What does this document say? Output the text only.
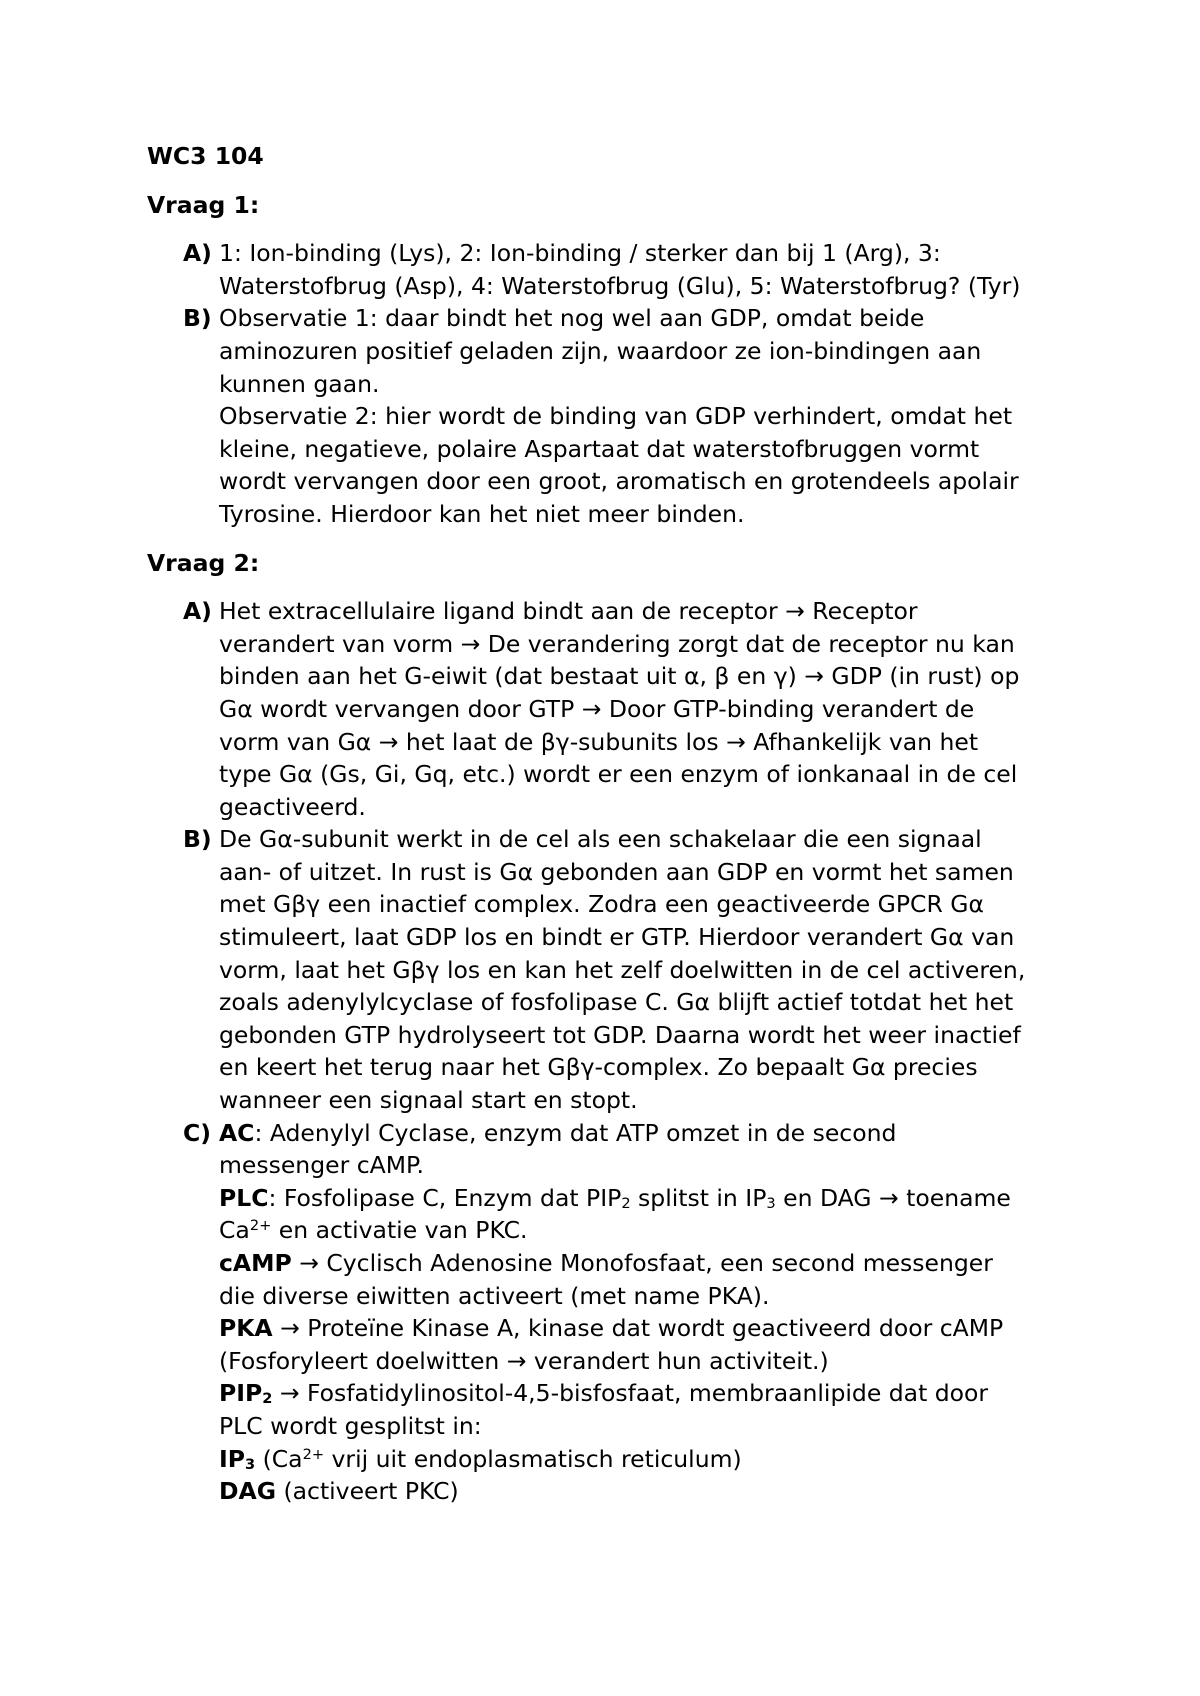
WC3 104
Vraag 1:
A) 1: Ion-binding (Lys), 2: Ion-binding / sterker dan bij 1 (Arg), 3:
Waterstofbrug (Asp), 4: Waterstofbrug (Glu), 5: Waterstofbrug? (Tyr)
B) Observatie 1: daar bindt het nog wel aan GDP, omdat beide
aminozuren positief geladen zijn, waardoor ze ion-bindingen aan
kunnen gaan.
Observatie 2: hier wordt de binding van GDP verhindert, omdat het
kleine, negatieve, polaire Aspartaat dat waterstofbruggen vormt
wordt vervangen door een groot, aromatisch en grotendeels apolair
Tyrosine. Hierdoor kan het niet meer binden.
Vraag 2:
A) Het extracellulaire ligand bindt aan de receptor → Receptor
verandert van vorm → De verandering zorgt dat de receptor nu kan
binden aan het G-eiwit (dat bestaat uit α, β en γ) → GDP (in rust) op
Gα wordt vervangen door GTP → Door GTP-binding verandert de
vorm van Gα → het laat de βγ-subunits los → Afhankelijk van het
type Gα (Gs, Gi, Gq, etc.) wordt er een enzym of ionkanaal in de cel
geactiveerd.
B) De Gα-subunit werkt in de cel als een schakelaar die een signaal
aan- of uitzet. In rust is Gα gebonden aan GDP en vormt het samen
met Gβγ een inactief complex. Zodra een geactiveerde GPCR Gα
stimuleert, laat GDP los en bindt er GTP. Hierdoor verandert Gα van
vorm, laat het Gβγ los en kan het zelf doelwitten in de cel activeren,
zoals adenylylcyclase of fosfolipase C. Gα blijft actief totdat het het
gebonden GTP hydrolyseert tot GDP. Daarna wordt het weer inactief
en keert het terug naar het Gβγ-complex. Zo bepaalt Gα precies
wanneer een signaal start en stopt.
C) AC: Adenylyl Cyclase, enzym dat ATP omzet in de second
messenger cAMP.
PLC: Fosfolipase C, Enzym dat $PIP_2$ splitst in $IP_3$ en DAG → toename
$Ca^{2+}$ en activatie van PKC.
cAMP → Cyclisch Adenosine Monofosfaat, een second messenger
die diverse eiwitten activeert (met name PKA).
PKA → Proteïne Kinase A, kinase dat wordt geactiveerd door cAMP
(Fosforyleert doelwitten → verandert hun activiteit.)
$PIP_2$ → Fosfatidylinositol-4,5-bisfosfaat, membraanlipide dat door
PLC wordt gesplitst in:
$IP_3$ ($Ca^{2+}$ vrij uit endoplasmatisch reticulum)
DAG (activeert PKC)
